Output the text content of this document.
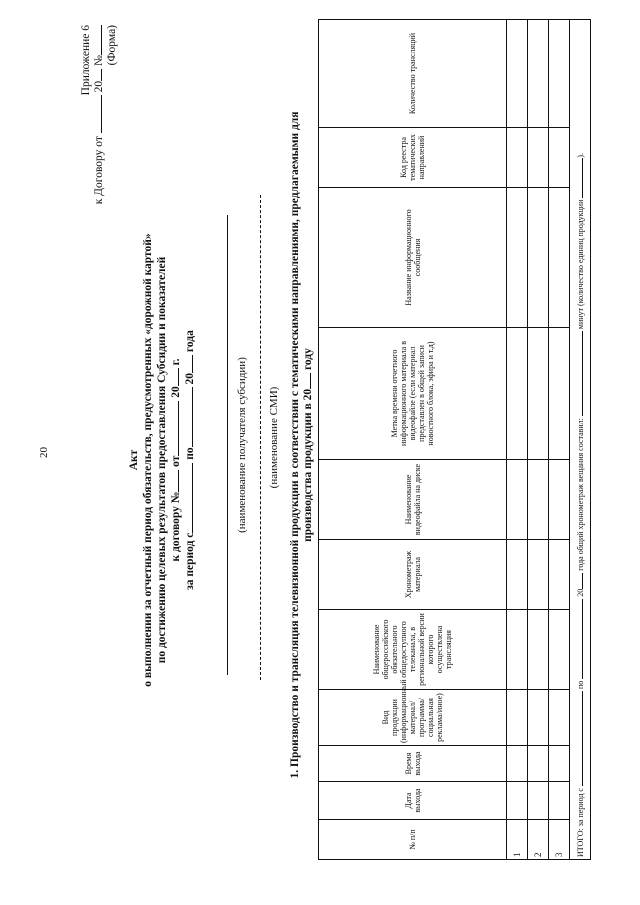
20
Приложение 6
к Договору от  20 № (Форма)
Акт о выполнении за отчетный период обязательств, предусмотренных «дорожной картой» по достижению целевых результатов предоставления Субсидии и показателей к договору № от 20 г.
за период с по 20 года
(наименование получателя субсидии) (наименование СМИ) 1. Производство и трансляция телевизионной продукции в соответствии с тематическими направлениями, предлагаемыми для производства продукции в 20 году
№ п/п	Дата выхода	Время выхода	Вид продукции (информационный материал/ программа/социальная реклама/иное)	Наименование общероссийского обязательного общедоступного телеканала, в региональной версии которого осуществлена трансляция	Хронометраж материала	Наименование видеофайла на диске	Метка времени отчетного информационного материала в видеофайле (если материал представлен в общей записи новостного блока, эфира и т.д)	Название информационного сообщения	Код реестра тематических направлений	Количество трансляций
1										
2										
3										
ИТОГО: за период с  по  20 года общий хронометраж вещания составил:  минут (количество единиц продукции ).										
